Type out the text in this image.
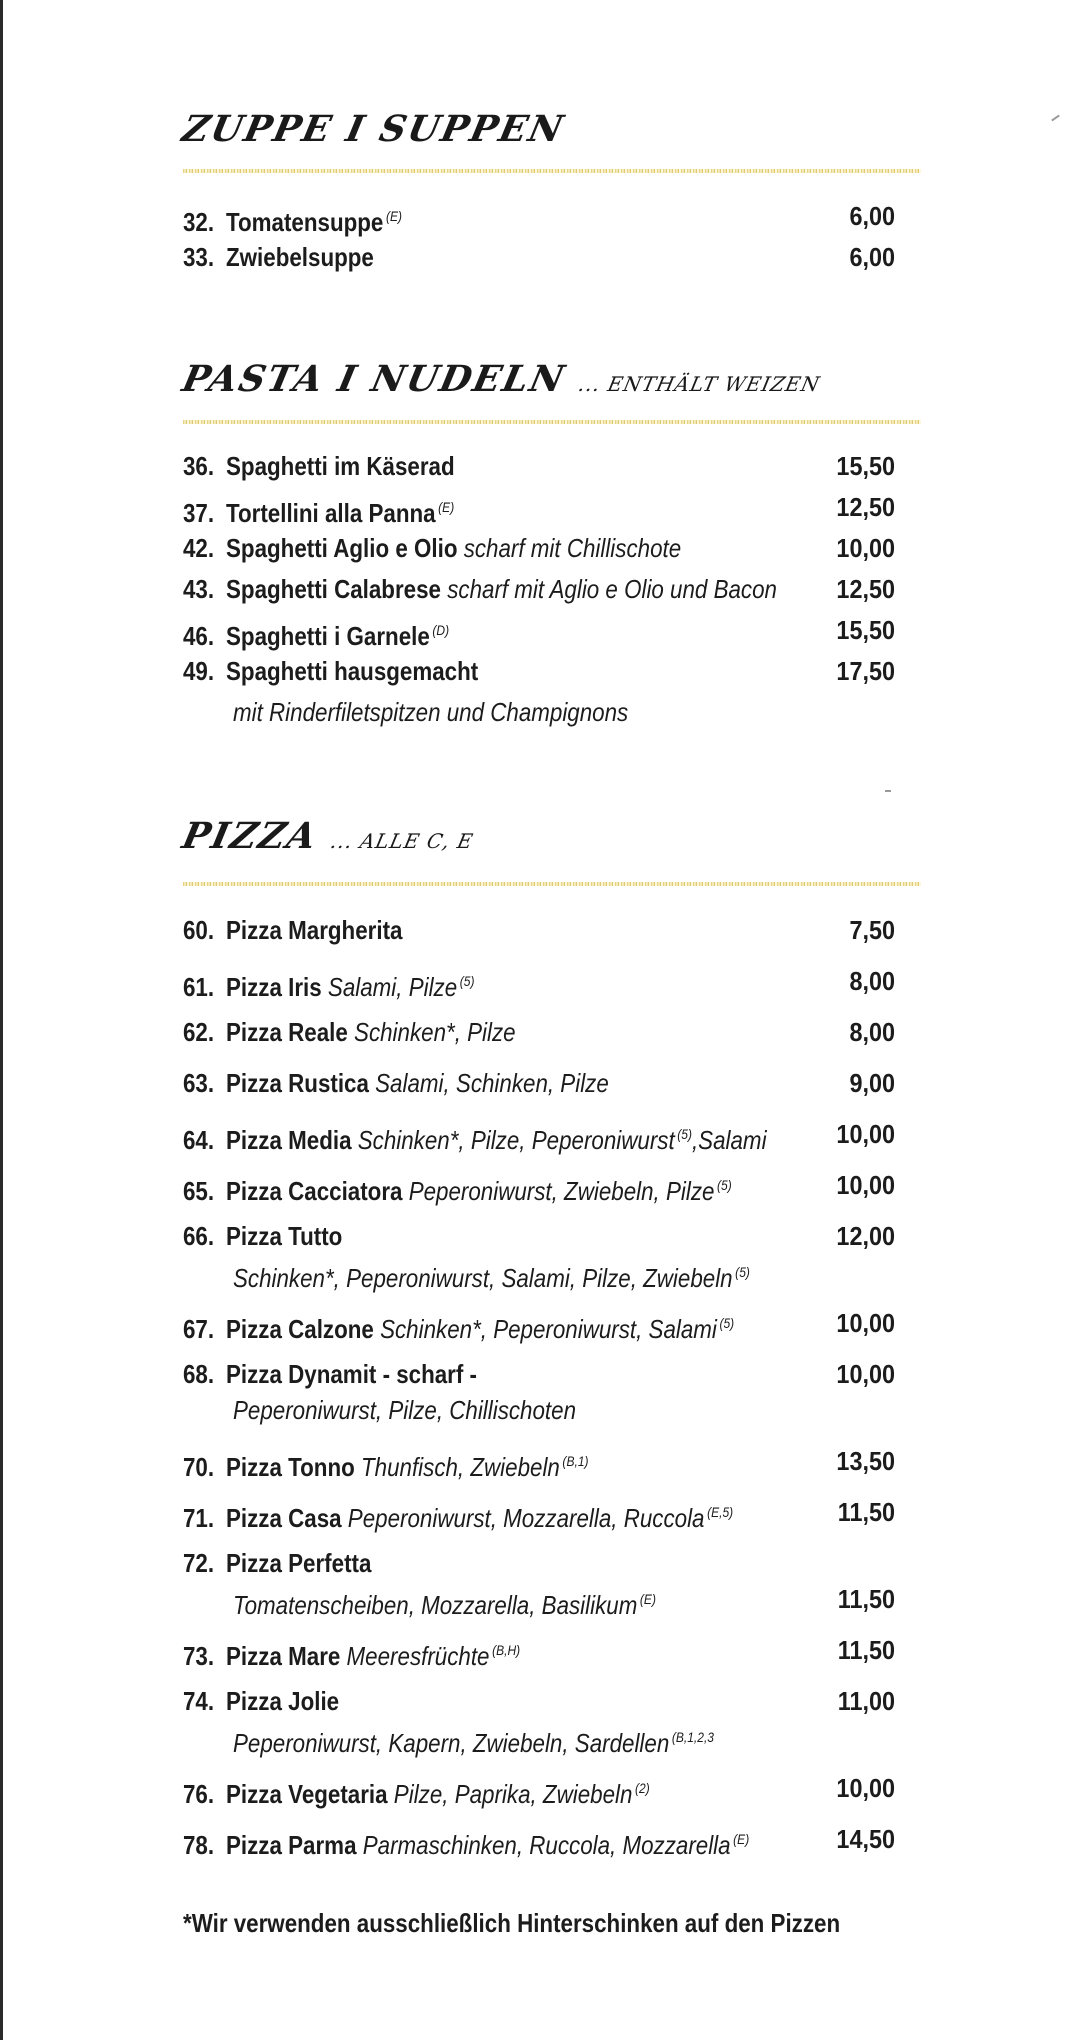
ZUPPE I SUPPEN
32. Tomatensuppe $^{(E)}$	6,00
33. Zwiebelsuppe	6,00
PASTA I NUDELN ... ENTHÄLT WEIZEN
36. Spaghetti im Käserad	15,50
37. Tortellini alla Panna $^{(E)}$	12,50
42. Spaghetti Aglio e Olio scharf mit Chillischote	10,00
43. Spaghetti Calabrese scharf mit Aglio e Olio und Bacon	12,50
46. Spaghetti i Garnele $^{(D)}$	15,50
49. Spaghetti hausgemacht	17,50
mit Rinderfiletspitzen und Champignons
PIZZA ... ALLE C, E
60. Pizza Margherita	7,50
61. Pizza Iris Salami, Pilze $^{(5)}$	8,00
62. Pizza Reale Schinken*, Pilze	8,00
63. Pizza Rustica Salami, Schinken, Pilze	9,00
64. Pizza Media Schinken*, Pilze, Peperoniwurst $^{(5)}$,Salami	10,00
65. Pizza Cacciatora Peperoniwurst, Zwiebeln, Pilze $^{(5)}$	10,00
66. Pizza Tutto	12,00
Schinken*, Peperoniwurst, Salami, Pilze, Zwiebeln $^{(5)}$
67. Pizza Calzone Schinken*, Peperoniwurst, Salami $^{(5)}$	10,00
68. Pizza Dynamit - scharf -	10,00
Peperoniwurst, Pilze, Chillischoten
70. Pizza Tonno Thunfisch, Zwiebeln $^{(B,1)}$	13,50
71. Pizza Casa Peperoniwurst, Mozzarella, Ruccola $^{(E,5)}$	11,50
72. Pizza Perfetta
Tomatenscheiben, Mozzarella, Basilikum $^{(E)}$	11,50
73. Pizza Mare Meeresfrüchte $^{(B,H)}$	11,50
74. Pizza Jolie	11,00
Peperoniwurst, Kapern, Zwiebeln, Sardellen $^{(B,1,2,3}$
76. Pizza Vegetaria Pilze, Paprika, Zwiebeln $^{(2)}$	10,00
78. Pizza Parma Parmaschinken, Ruccola, Mozzarella $^{(E)}$	14,50
*Wir verwenden ausschließlich Hinterschinken auf den Pizzen
